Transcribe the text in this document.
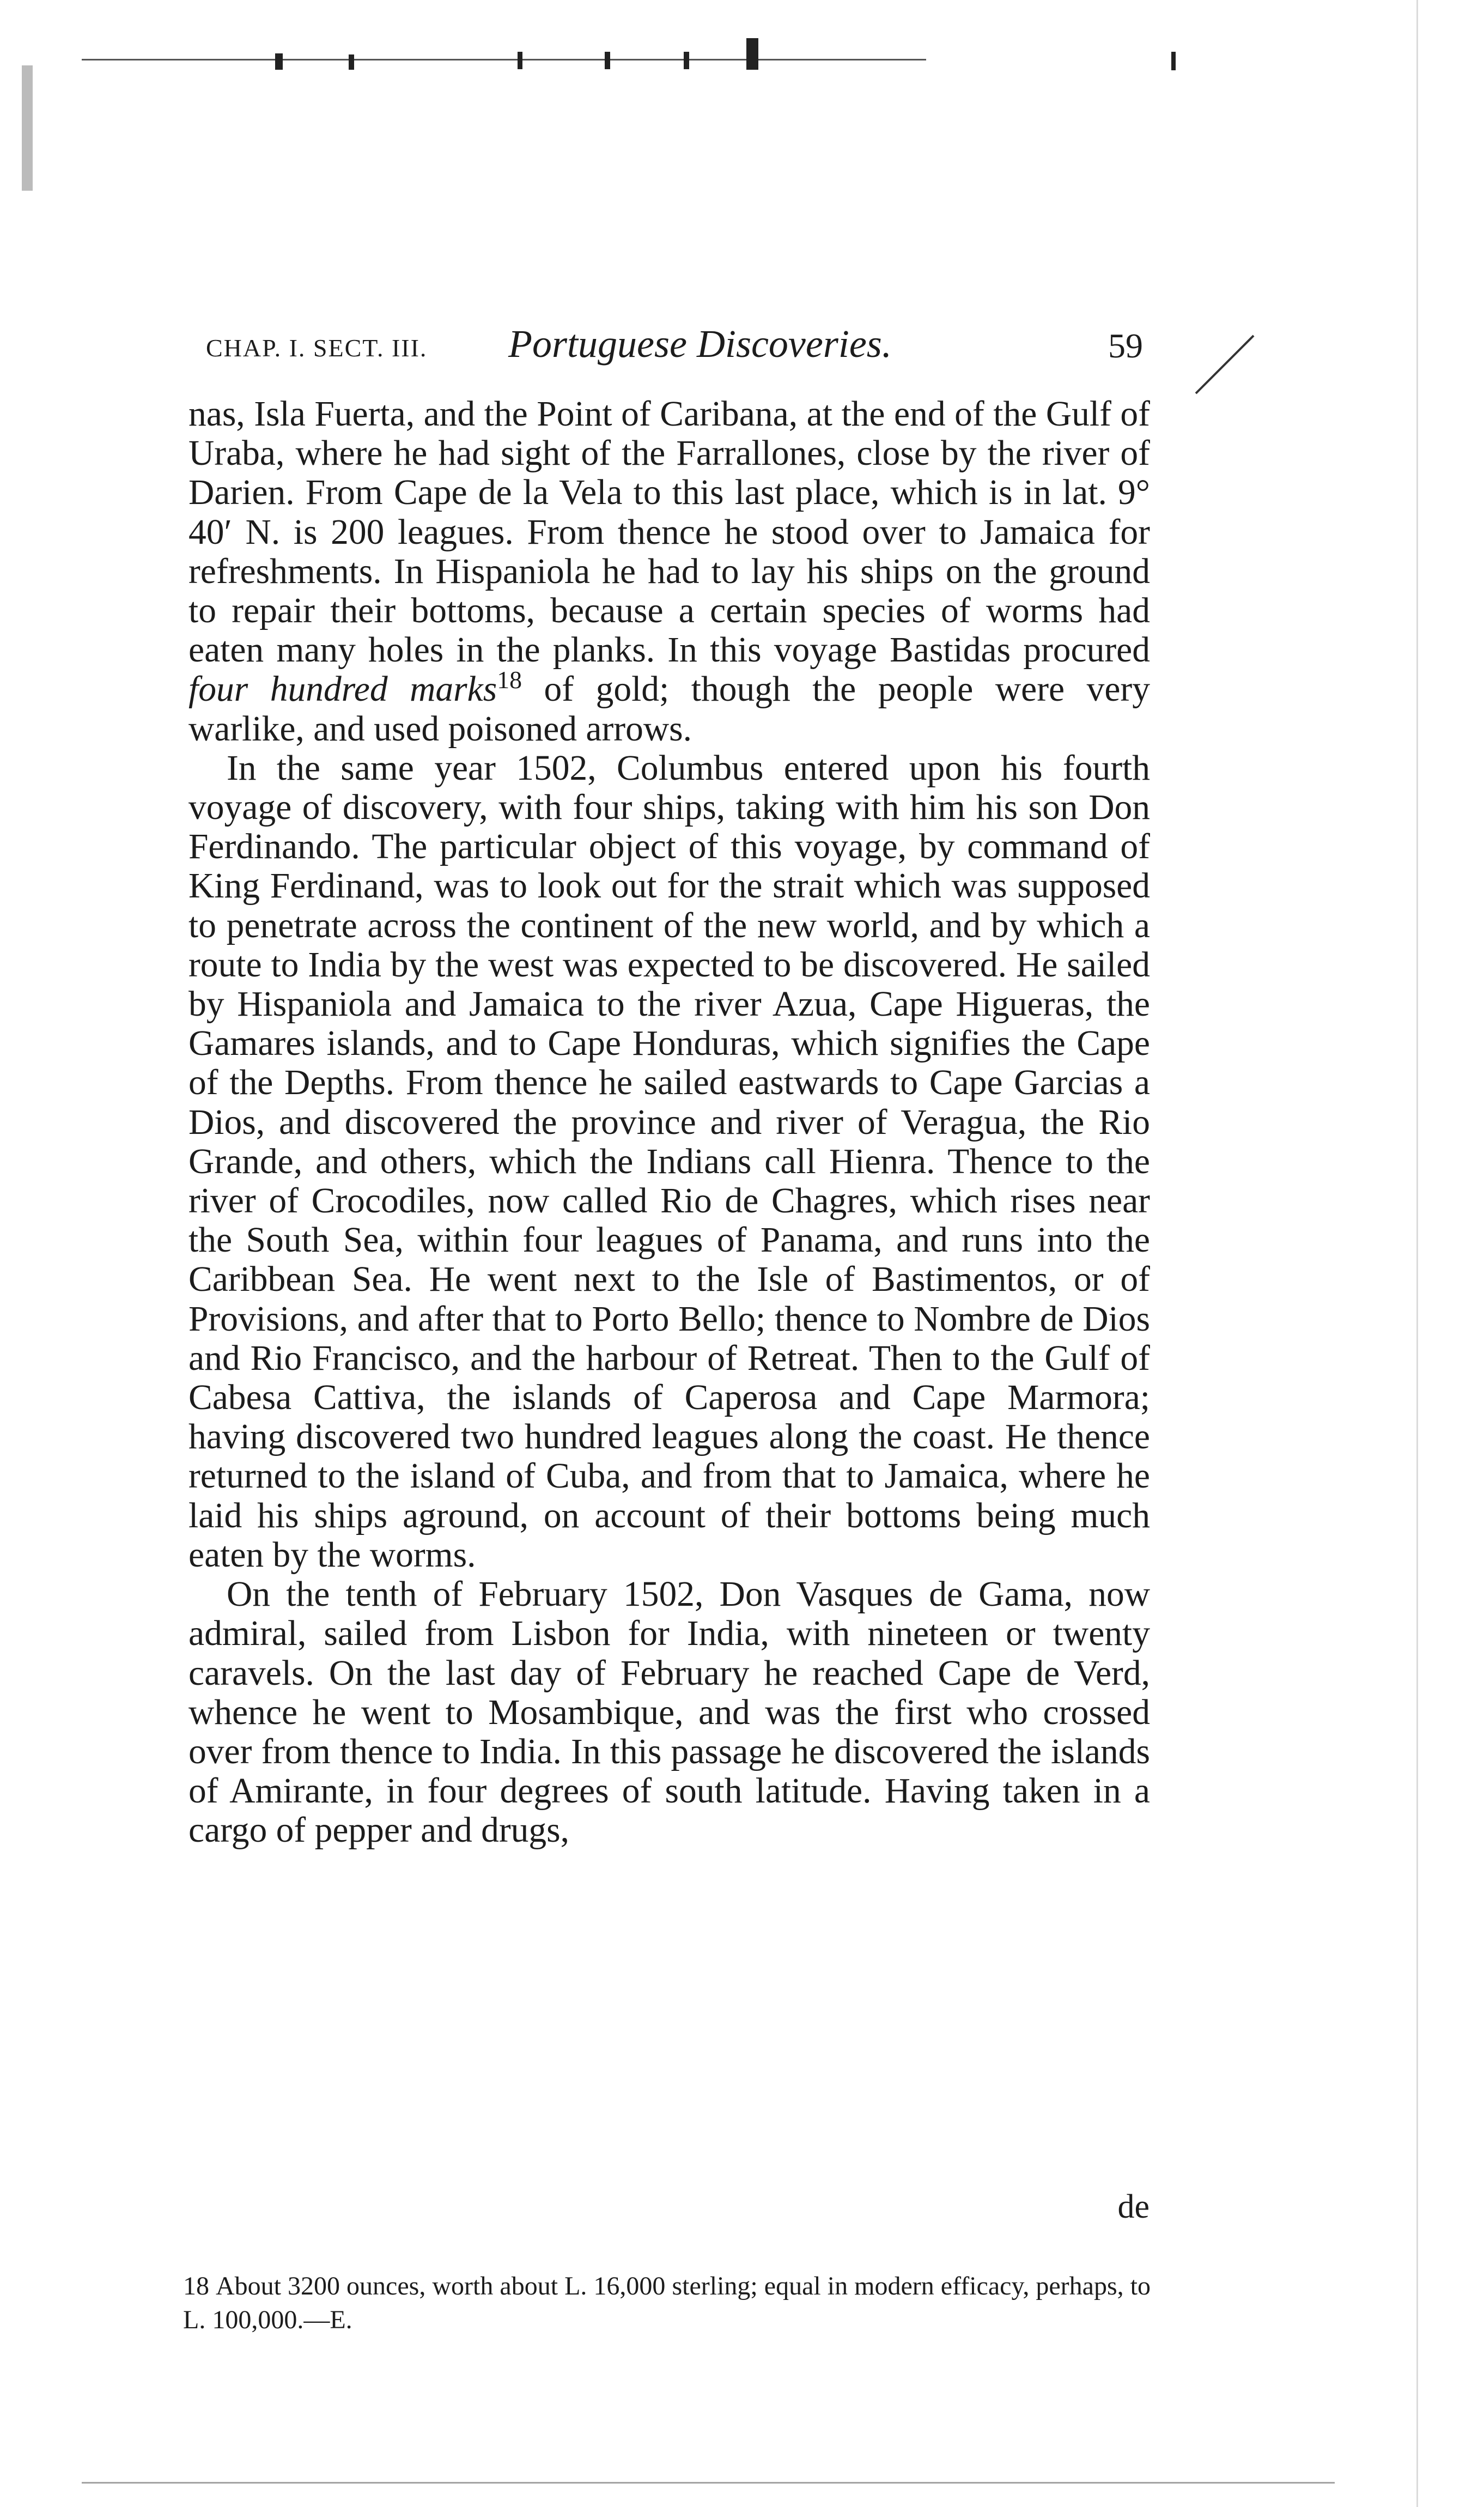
CHAP. I. SECT. III. Portuguese Discoveries.	59

nas, Isla Fuerta, and the Point of Caribana, at the end of the Gulf of Uraba, where he had sight of the Farrallones, close by the river of Darien. From Cape de la Vela to this last place, which is in lat. 9° 40′ N. is 200 leagues. From thence he stood over to Jamaica for refreshments. In Hispaniola he had to lay his ships on the ground to repair their bottoms, because a certain species of worms had eaten many holes in the planks. In this voyage Bastidas procured four hundred marks$^{18}$ of gold; though the people were very warlike, and used poisoned arrows.

In the same year 1502, Columbus entered upon his fourth voyage of discovery, with four ships, taking with him his son Don Ferdinando. The particular object of this voyage, by command of King Ferdinand, was to look out for the strait which was supposed to penetrate across the continent of the new world, and by which a route to India by the west was expected to be discovered. He sailed by Hispaniola and Jamaica to the river Azua, Cape Higueras, the Gamares islands, and to Cape Honduras, which signifies the Cape of the Depths. From thence he sailed eastwards to Cape Garcias a Dios, and discovered the province and river of Veragua, the Rio Grande, and others, which the Indians call Hienra. Thence to the river of Crocodiles, now called Rio de Chagres, which rises near the South Sea, within four leagues of Panama, and runs into the Caribbean Sea. He went next to the Isle of Bastimentos, or of Provisions, and after that to Porto Bello; thence to Nombre de Dios and Rio Francisco, and the harbour of Retreat. Then to the Gulf of Cabesa Cattiva, the islands of Caperosa and Cape Marmora; having discovered two hundred leagues along the coast. He thence returned to the island of Cuba, and from that to Jamaica, where he laid his ships aground, on account of their bottoms being much eaten by the worms.

On the tenth of February 1502, Don Vasques de Gama, now admiral, sailed from Lisbon for India, with nineteen or twenty caravels. On the last day of February he reached Cape de Verd, whence he went to Mosambique, and was the first who crossed over from thence to India. In this passage he discovered the islands of Amirante, in four degrees of south latitude. Having taken in a cargo of pepper and drugs,

de

18 About 3200 ounces, worth about L. 16,000 sterling; equal in modern efficacy, perhaps, to L. 100,000.—E.
